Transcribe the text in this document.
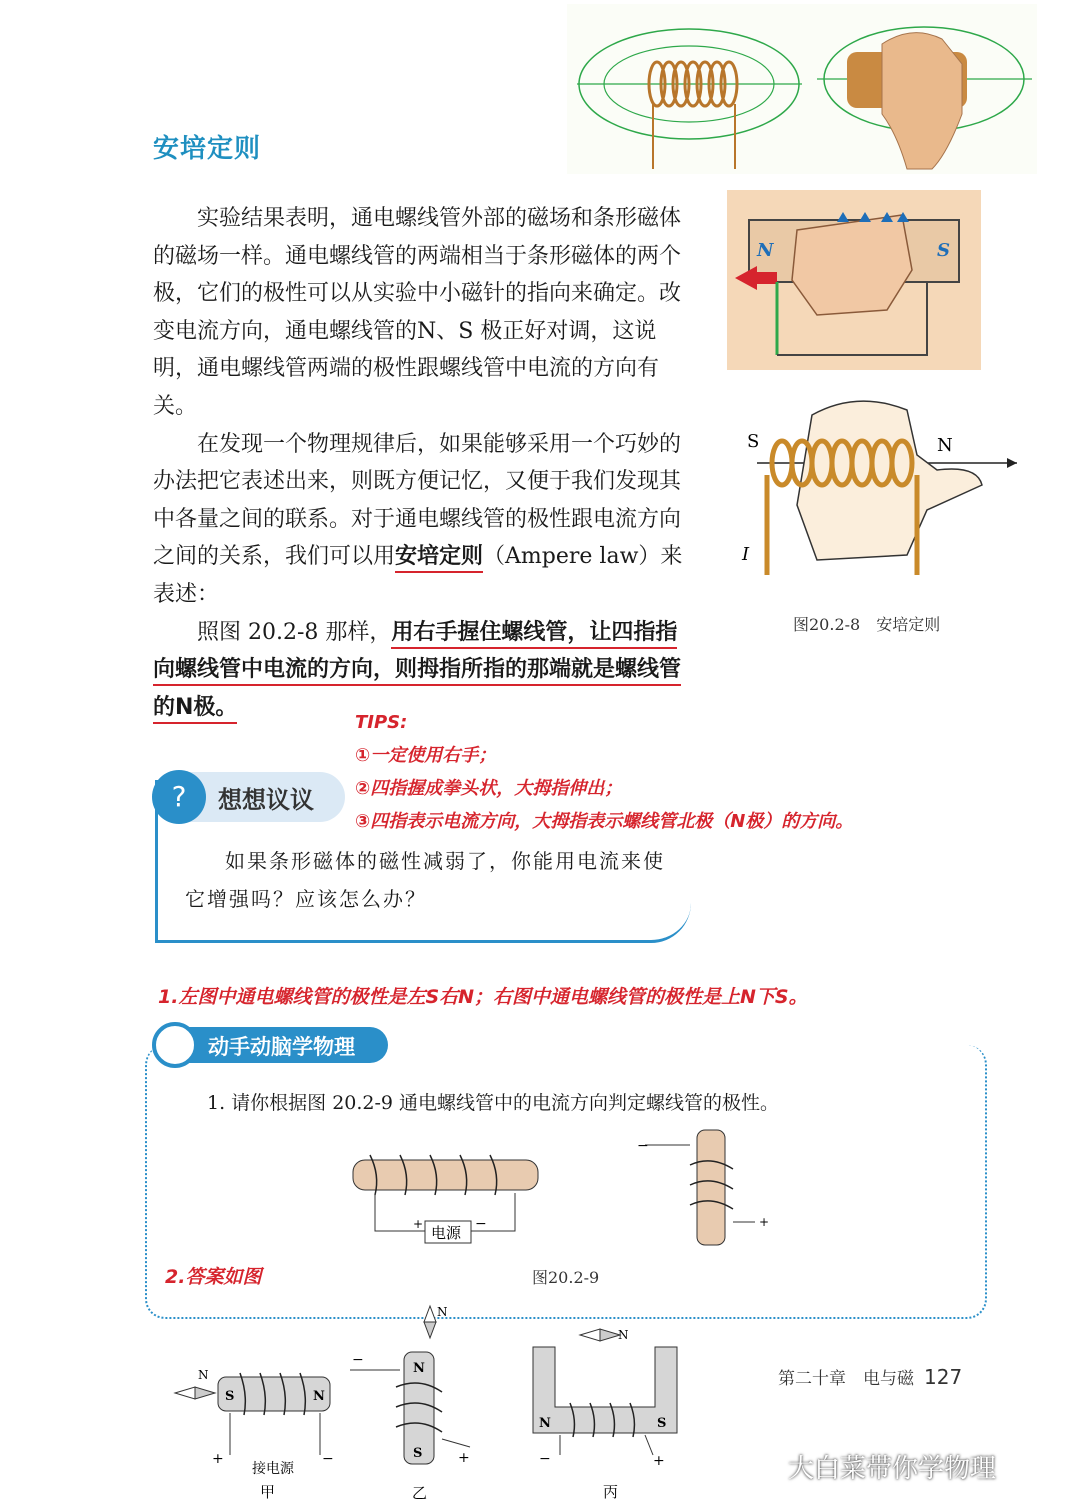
安培定则

实验结果表明，通电螺线管外部的磁场和条形磁体的磁场一样。通电螺线管的两端相当于条形磁体的两个极，它们的极性可以从实验中小磁针的指向来确定。改变电流方向，通电螺线管的N、S 极正好对调，这说明，通电螺线管两端的极性跟螺线管中电流的方向有关。

在发现一个物理规律后，如果能够采用一个巧妙的办法把它表述出来，则既方便记忆，又便于我们发现其中各量之间的联系。对于通电螺线管的极性跟电流方向之间的关系，我们可以用安培定则（Ampere law）来表述：

照图 20.2-8 那样，用右手握住螺线管，让四指指向螺线管中电流的方向，则拇指所指的那端就是螺线管的N极。

N	S
S	N
I
图20.2-8　安培定则
TIPS:
①一定使用右手；
②四指握成拳头状，大拇指伸出；
③四指表示电流方向，大拇指表示螺线管北极（N极）的方向。
?	想想议议

如果条形磁体的磁性减弱了，你能用电流来使它增强吗？应该怎么办？

1.左图中通电螺线管的极性是左S右N；右图中通电螺线管的极性是上N下S。
动手动脑学物理
1. 请你根据图 20.2-9 通电螺线管中的电流方向判定螺线管的极性。
电源
+	−
−
+
图20.2-9
2.答案如图
N
S	N
+	−
接电源
甲
N
N
S
−
+
乙
N
N	S
−	+
丙
第二十章　电与磁 127
大白菜带你学物理
